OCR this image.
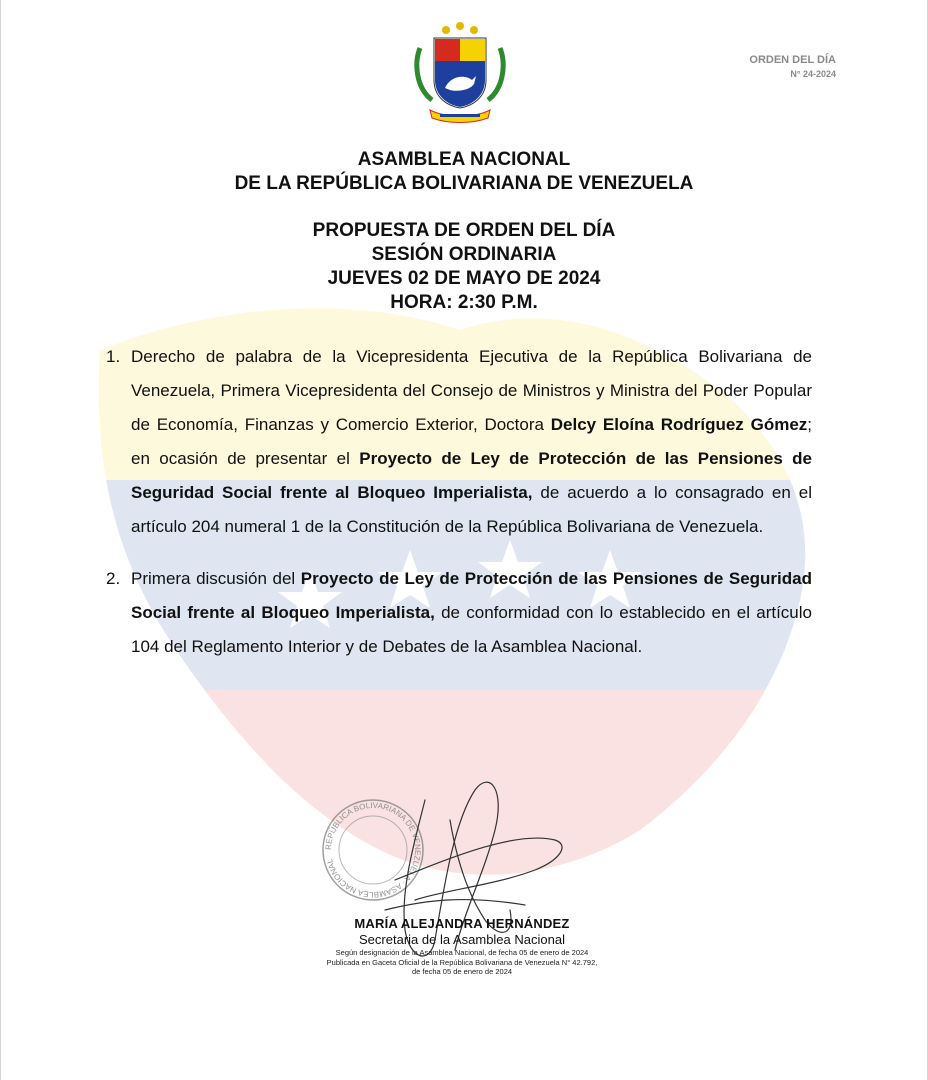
ORDEN DEL DÍA
N° 24-2024
ASAMBLEA NACIONAL
DE LA REPÚBLICA BOLIVARIANA DE VENEZUELA
PROPUESTA DE ORDEN DEL DÍA
SESIÓN ORDINARIA
JUEVES 02 DE MAYO DE 2024
HORA: 2:30 P.M.
1. Derecho de palabra de la Vicepresidenta Ejecutiva de la República Bolivariana de Venezuela, Primera Vicepresidenta del Consejo de Ministros y Ministra del Poder Popular de Economía, Finanzas y Comercio Exterior, Doctora Delcy Eloína Rodríguez Gómez; en ocasión de presentar el Proyecto de Ley de Protección de las Pensiones de Seguridad Social frente al Bloqueo Imperialista, de acuerdo a lo consagrado en el artículo 204 numeral 1 de la Constitución de la República Bolivariana de Venezuela.
2. Primera discusión del Proyecto de Ley de Protección de las Pensiones de Seguridad Social frente al Bloqueo Imperialista, de conformidad con lo establecido en el artículo 104 del Reglamento Interior y de Debates de la Asamblea Nacional.
REPÚBLICA BOLIVARIANA DE VENEZUELA · ASAMBLEA NACIONAL
MARÍA ALEJANDRA HERNÁNDEZ
Secretaria de la Asamblea Nacional
Según designación de la Asamblea Nacional, de fecha 05 de enero de 2024
Publicada en Gaceta Oficial de la República Bolivariana de Venezuela N° 42.792,
de fecha 05 de enero de 2024
